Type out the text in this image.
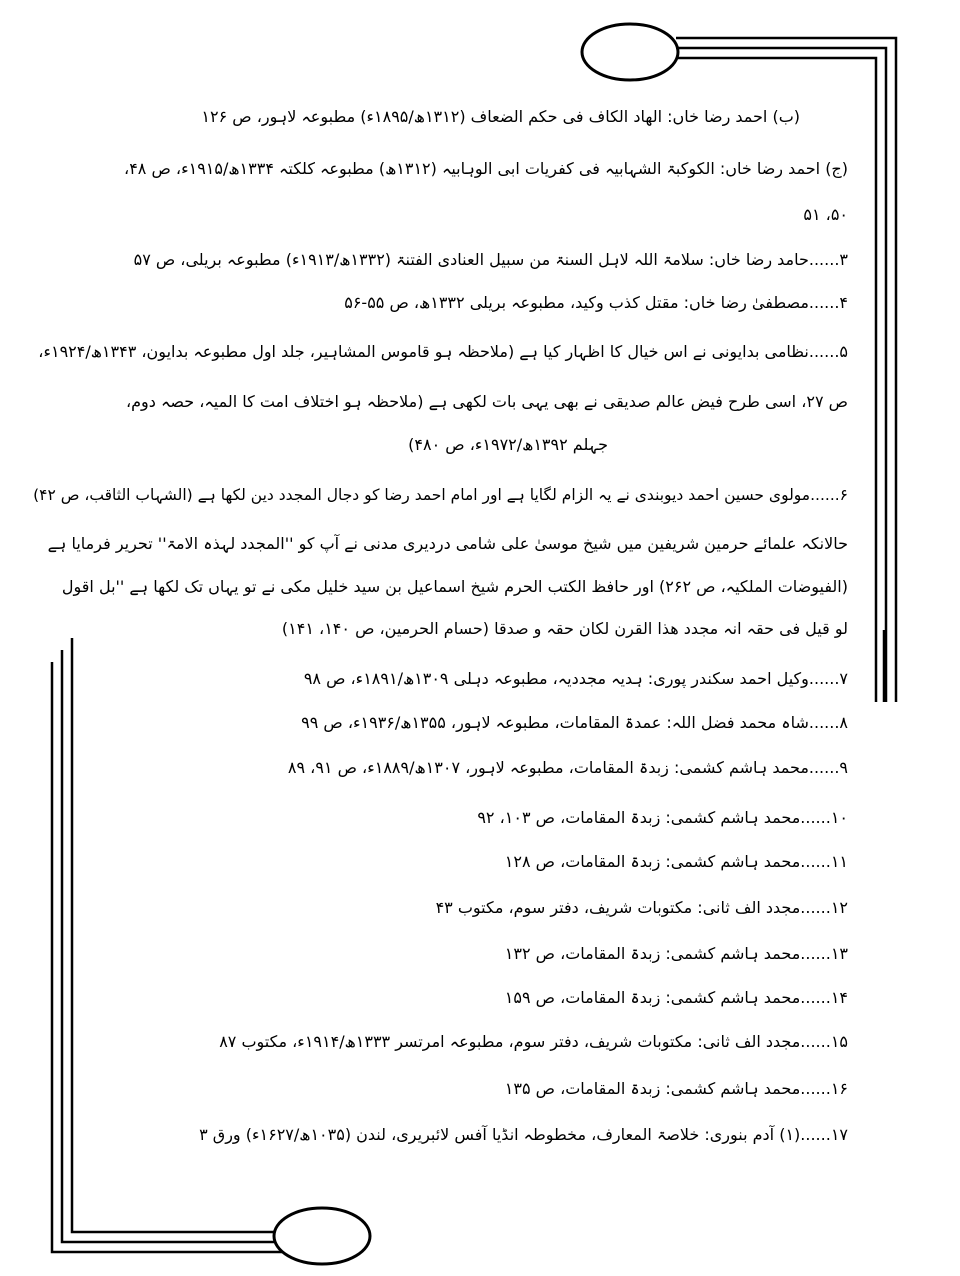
(ب) احمد رضا خاں: الهاد الكاف فی حکم الضعاف (۱۳۱۲ھ/۱۸۹۵ء) مطبوعہ لاہور، ص ۱۲۶
(ج) احمد رضا خاں: الکوکبۃ الشہابیہ فی کفریات ابی الوہابیہ (۱۳۱۲ھ) مطبوعہ کلکتہ ۱۳۳۴ھ/۱۹۱۵ء، ص ۴۸،
۵۰، ۵۱
۳......حامد رضا خاں: سلامۃ اللہ لاہل السنۃ من سبیل العنادی الفتنۃ (۱۳۳۲ھ/۱۹۱۳ء) مطبوعہ بریلی، ص ۵۷
۴......مصطفیٰ رضا خاں: مقتل کذب وکید، مطبوعہ بریلی ۱۳۳۲ھ، ص ۵۵-۵۶
۵......نظامی بدایونی نے اس خیال کا اظہار کیا ہے (ملاحظہ ہو قاموس المشاہیر، جلد اول مطبوعہ بدایون، ۱۳۴۳ھ/۱۹۲۴ء،
ص ۲۷، اسی طرح فیض عالم صدیقی نے بھی یہی بات لکھی ہے (ملاحظہ ہو اختلاف امت کا المیہ، حصہ دوم،
جہلم ۱۳۹۲ھ/۱۹۷۲ء، ص ۴۸۰)
۶......مولوی حسین احمد دیوبندی نے یہ الزام لگایا ہے اور امام احمد رضا کو دجال المجدد دین لکھا ہے (الشہاب الثاقب، ص ۴۲)
حالانکہ علمائے حرمین شریفین میں شیخ موسیٰ علی شامی دردیری مدنی نے آپ کو ''المجدد لہذہ الامۃ'' تحریر فرمایا ہے
(الفیوضات الملکیہ، ص ۲۶۲) اور حافظ الکتب الحرم شیخ اسماعیل بن سید خلیل مکی نے تو یہاں تک لکھا ہے ''بل اقول
لو قیل فی حقہ انہ مجدد ھذا القرن لکان حقہ و صدقا (حسام الحرمین، ص ۱۴۰، ۱۴۱)
۷......وکیل احمد سکندر پوری: ہدیہ مجددیہ، مطبوعہ دہلی ۱۳۰۹ھ/۱۸۹۱ء، ص ۹۸
۸......شاہ محمد فضل اللہ: عمدۃ المقامات، مطبوعہ لاہور، ۱۳۵۵ھ/۱۹۳۶ء، ص ۹۹
۹......محمد ہاشم کشمی: زبدۃ المقامات، مطبوعہ لاہور، ۱۳۰۷ھ/۱۸۸۹ء، ص ۹۱، ۸۹
۱۰......محمد ہاشم کشمی: زبدۃ المقامات، ص ۱۰۳، ۹۲
۱۱......محمد ہاشم کشمی: زبدۃ المقامات، ص ۱۲۸
۱۲......مجدد الف ثانی: مکتوبات شریف، دفتر سوم، مکتوب ۴۳
۱۳......محمد ہاشم کشمی: زبدۃ المقامات، ص ۱۳۲
۱۴......محمد ہاشم کشمی: زبدۃ المقامات، ص ۱۵۹
۱۵......مجدد الف ثانی: مکتوبات شریف، دفتر سوم، مطبوعہ امرتسر ۱۳۳۳ھ/۱۹۱۴ء، مکتوب ۸۷
۱۶......محمد ہاشم کشمی: زبدۃ المقامات، ص ۱۳۵
۱۷......(۱) آدم بنوری: خلاصۃ المعارف، مخطوطہ انڈیا آفس لائبریری، لندن (۱۰۳۵ھ/۱۶۲۷ء) ورق ۳
